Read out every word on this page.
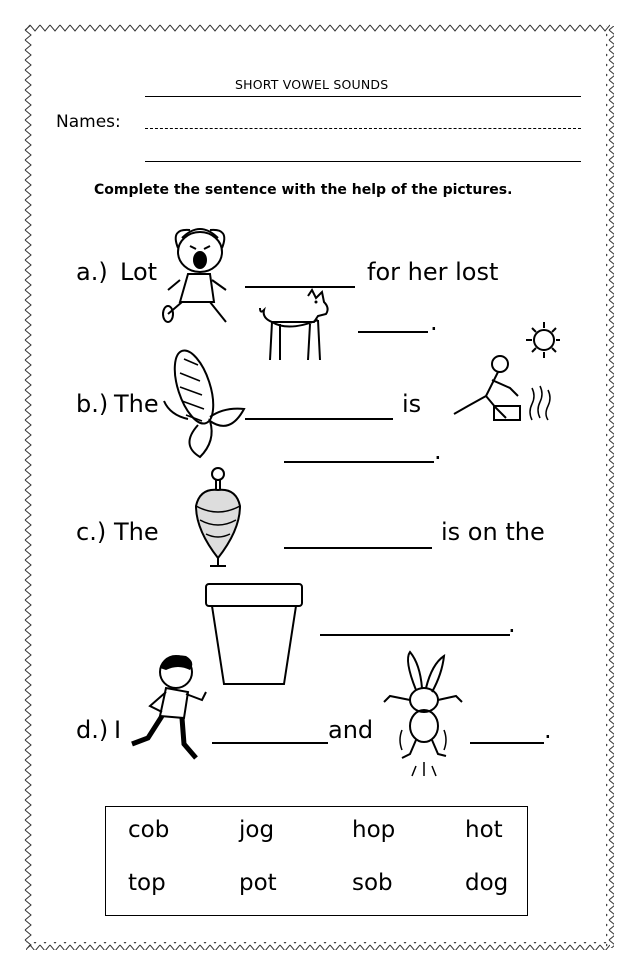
SHORT VOWEL SOUNDS
Names:
Complete the sentence with the help of the pictures.
a.) Lot	for her lost
.
b.) The	is
.
c.) The	is on the
.
d.) I	and	.
cob	jog	hop	hot
top	pot	sob	dog
